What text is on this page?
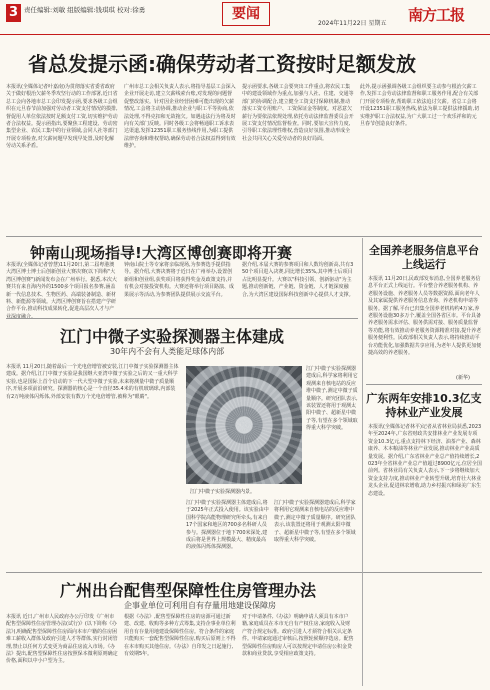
3 责任编辑:刘敏 组版编辑:钱琪琪 校对:徐勇	要闻
2024年11月22日 星期五 南方工报
省总发提示函:确保劳动者工资按时足额发放
本报讯(全媒体记者叶嘉南)为贯彻落实省委省政府关于做好根治欠薪冬季攻坚行动的工作部署,近日省总工会向各地市总工会印发提示函,要求各级工会组织在元旦春节前加强对劳动者工资支付情况的摸排,督促用人单位依法按时足额支付工资,切实维护劳动者合法权益。提示函指出,要聚焦工程建设、劳动密集型企业、农民工集中的行业领域,会同人社等部门开展专项检查,对欠薪问题早发现早处置,及时化解劳动关系矛盾。
广州市总工会相关负责人表示,将指导基层工会深入企业开展走访,建立欠薪线索台账,对发现的问题督促整改落实。针对因企业经营困难可能出现的欠薪情况,工会将主动协调,推动企业与职工平等协商,依法处理,不得克扣和无故拖欠。如遇违法行为将及时向有关部门反映。同时各级工会将畅通职工诉求表达渠道,发挥12351职工服务热线作用,为职工提供法律咨询和维权帮助,确保劳动者合法权益得到有效维护。
提示函要求,各级工会要突出工作重点,将农民工集中的建设领域作为重点,加强与人社、住建、交通等部门的协调配合,建立健全工资支付保障机制,推动落实工资专用账户、工资保证金等制度。对恶意欠薪行为要依法依规处理,依托劳动法律监督委员会开展工资支付情况监督检查。同时,要加大宣传力度,引导职工依法理性维权,营造良好氛围,推动形成全社会共同关心关爱劳动者的良好局面。
此外,提示函强调各级工会组织要主动参与根治欠薪工作,发挥工会劳动法律监督和职工服务作用,配合有关部门开展专项检查,帮助职工依法追讨欠薪。省总工会将开设12351职工服务热线,依法为职工提供法律援助,切实维护职工合法权益,为广大职工过一个欢乐祥和的元旦春节创造良好条件。
钟南山现场指导!大湾区博创赛即将开赛
本报讯(全媒体记者曾慧)11月20日,第二届粤港澳大湾区博士博士后创新创业大赛决赛(以下简称"大湾区博创赛")新闻发布会在广州举行。据悉,本次大赛共有来自海内外的1500多个项目报名参赛,涵盖新一代信息技术、生物医药、高端装备制造、新材料、新能源等领域。大湾区博创赛旨在搭建产学研合作平台,推动科技成果转化,促进高层次人才与产业深度融合。
钟南山院士等专家将亲临现场,为参赛选手提供指导。据介绍,大赛决赛将于近日在广州举办,设置创新组和创业组,获奖项目将获得奖金及政策支持,并有机会对接投资机构。大赛还将举行项目路演、成果展示等活动,为参赛团队提供展示交流平台。
据介绍,本届大赛的参赛项目和人数均创新高,共有350个项目进入决赛,同比增长35%,其中博士后项目占比明显提升。大赛以"科技引领、创新驱动"为主题,推动创新链、产业链、资金链、人才链深度融合,为大湾区建设国际科技创新中心提供人才支撑。
江门中微子实验探测器主体建成
30年内不会有人类能足球体内部
本报讯 11月20日,随着最后一个光电倍增管被安装,江门中微子实验探测器主体建成。据介绍,江门中微子实验是我国继大亚湾中微子实验之后的又一重大科学实验,也是国际上首个启动的下一代大型中微子实验,未来将测量中微子质量顺序,开展多项前沿研究。探测器的核心是一个直径35.4米的有机玻璃球,内部装有2万吨液体闪烁体,外部安装有数万个光电倍增管,被称为"眼睛"。
江门中微子实验探测器内景。
江门中微子实验探测器主体建成后,将于2025年正式投入使用。该实验由中国科学院高能物理研究所牵头,有来自17个国家和地区的700多名科研人员参与。探测器位于地下700米深处,建成后将是世界上规模最大、精度最高的液体闪烁体探测器。
江门中微子实验探测器建成后,科学家将利用它观测来自核电站的反应堆中微子,测定中微子质量顺序。研究团队表示,该装置还将用于观测太阳中微子、超新星中微子等,有望在多个领域取得重大科学突破。
江门中微子实验探测器建成后,科学家将利用它观测来自核电站的反应堆中微子,测定中微子质量顺序。研究团队表示,该装置还将用于观测太阳中微子、超新星中微子等,有望在多个领域取得重大科学突破。
广州出台配售型保障性住房管理办法
企事业单位可利用自有存量用地建设保障房
本报讯 近日,广州市人民政府办公厅印发《广州市配售型保障性住房管理办法(试行)》(以下简称《办法》),明确配售型保障性住房面向本市户籍的住房困难工薪收入群体及政府引进人才等群体,实行封闭管理,禁止以任何方式变更为商品住房流入市场。《办法》提出,配售型保障性住房按照保本微利原则确定价格,面积以中小户型为主。
根据《办法》,配售型保障性住房的房源可通过新建、改建、收购等多种方式筹集,支持企事业单位利用自有存量用地建设保障性住房。符合条件的家庭只能购买一套配售型保障性住房,购买后原则上不得在本市购买其他住房。《办法》自印发之日起施行,有效期5年。
对于申请条件,《办法》明确申请人须具有本市户籍,家庭成员在本市无自有产权住房,家庭收入及财产符合规定标准。政府引进人才须符合相关认定条件。申请家庭通过审核后,按照轮候顺序选房。配售型保障性住房购房人可以按规定申请住房公积金贷款和商业贷款,享受相应政策支持。
全国养老服务信息平台上线运行
本报讯 11月20日,民政部发布消息,全国养老服务信息平台正式上线运行。平台整合养老服务机构、养老服务设施、养老服务人员等数据资源,面向老年人及其家属提供养老服务信息查询、养老机构申请等服务。据了解,平台已归集全国养老机构约4万家,养老服务设施30多万个,覆盖全国各省区市。平台具备养老服务需求评估、服务供需对接、服务质量监督等功能,将有效推动养老服务资源精准对接,提升养老服务便利性。民政部相关负责人表示,将持续推动平台功能优化,加强数据共享应用,为老年人提供更加便捷高效的养老服务。
(新华)
广东两年安排10.3亿支持林业产业发展
本报讯(全媒体记者林平)记者从省林业局获悉,2023年至2024年,广东省财政共安排林业产业发展专项资金10.3亿元,重点支持林下经济、油茶产业、森林康养、木本粮油等林业产业发展,推动林业产业高质量发展。据介绍,广东省林业产业总产值持续增长,2023年全省林业产业总产值超过8900亿元,位居全国前列。省林业局有关负责人表示,下一步将继续加大资金支持力度,推动林业产业转型升级,培育壮大林业龙头企业,促进林农增收,助力乡村振兴和绿美广东生态建设。
